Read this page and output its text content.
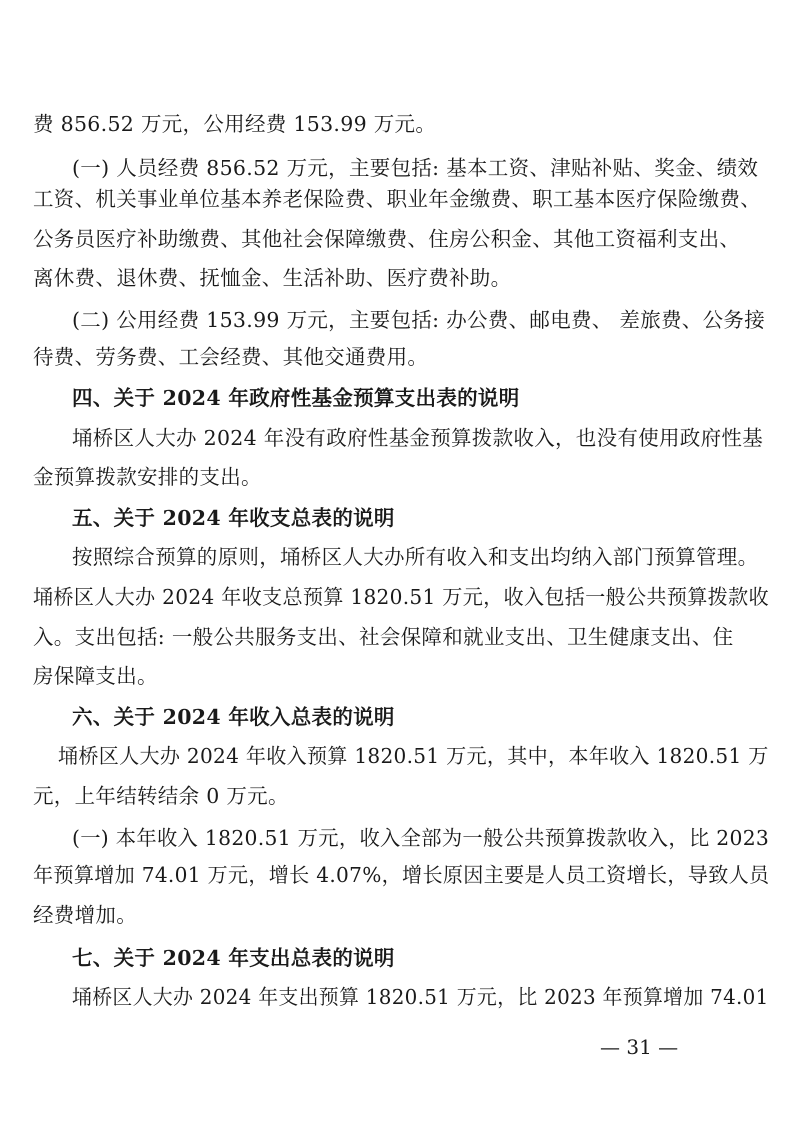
费 856.52 万元，公用经费 153.99 万元。
(一) 人员经费 856.52 万元，主要包括: 基本工资、津贴补贴、奖金、绩效
工资、机关事业单位基本养老保险费、职业年金缴费、职工基本医疗保险缴费、
公务员医疗补助缴费、其他社会保障缴费、住房公积金、其他工资福利支出、
离休费、退休费、抚恤金、生活补助、医疗费补助。
(二) 公用经费 153.99 万元，主要包括: 办公费、邮电费、 差旅费、公务接
待费、劳务费、工会经费、其他交通费用。
四、关于 2024 年政府性基金预算支出表的说明
埇桥区人大办 2024 年没有政府性基金预算拨款收入，也没有使用政府性基
金预算拨款安排的支出。
五、关于 2024 年收支总表的说明
按照综合预算的原则，埇桥区人大办所有收入和支出均纳入部门预算管理。
埇桥区人大办 2024 年收支总预算 1820.51 万元，收入包括一般公共预算拨款收
入。支出包括: 一般公共服务支出、社会保障和就业支出、卫生健康支出、住
房保障支出。
六、关于 2024 年收入总表的说明
埇桥区人大办 2024 年收入预算 1820.51 万元，其中，本年收入 1820.51 万
元，上年结转结余 0 万元。
(一) 本年收入 1820.51 万元，收入全部为一般公共预算拨款收入，比 2023
年预算增加 74.01 万元，增长 4.07%，增长原因主要是人员工资增长，导致人员
经费增加。
七、关于 2024 年支出总表的说明
埇桥区人大办 2024 年支出预算 1820.51 万元，比 2023 年预算增加 74.01
— 31 —
